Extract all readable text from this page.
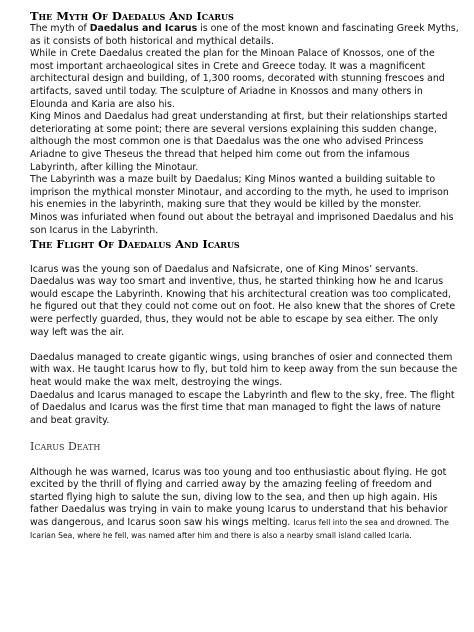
The Myth Of Daedalus And Icarus

The myth of Daedalus and Icarus is one of the most known and fascinating Greek Myths, as it consists of both historical and mythical details.

While in Crete Daedalus created the plan for the Minoan Palace of Knossos, one of the most important archaeological sites in Crete and Greece today. It was a magnificent architectural design and building, of 1,300 rooms, decorated with stunning frescoes and artifacts, saved until today. The sculpture of Ariadne in Knossos and many others in Elounda and Karia are also his.

King Minos and Daedalus had great understanding at first, but their relationships started deteriorating at some point; there are several versions explaining this sudden change, although the most common one is that Daedalus was the one who advised Princess Ariadne to give Theseus the thread that helped him come out from the infamous Labyrinth, after killing the Minotaur.

The Labyrinth was a maze built by Daedalus; King Minos wanted a building suitable to imprison the mythical monster Minotaur, and according to the myth, he used to imprison his enemies in the labyrinth, making sure that they would be killed by the monster.

Minos was infuriated when found out about the betrayal and imprisoned Daedalus and his son Icarus in the Labyrinth.

The Flight Of Daedalus And Icarus

Icarus was the young son of Daedalus and Nafsicrate, one of King Minos’ servants. Daedalus was way too smart and inventive, thus, he started thinking how he and Icarus would escape the Labyrinth. Knowing that his architectural creation was too complicated, he figured out that they could not come out on foot. He also knew that the shores of Crete were perfectly guarded, thus, they would not be able to escape by sea either. The only way left was the air.

Daedalus managed to create gigantic wings, using branches of osier and connected them with wax. He taught Icarus how to fly, but told him to keep away from the sun because the heat would make the wax melt, destroying the wings.

Daedalus and Icarus managed to escape the Labyrinth and flew to the sky, free. The flight of Daedalus and Icarus was the first time that man managed to fight the laws of nature and beat gravity.

Icarus Death

Although he was warned, Icarus was too young and too enthusiastic about flying. He got excited by the thrill of flying and carried away by the amazing feeling of freedom and started flying high to salute the sun, diving low to the sea, and then up high again. His father Daedalus was trying in vain to make young Icarus to understand that his behavior was dangerous, and Icarus soon saw his wings melting. Icarus fell into the sea and drowned. The Icarian Sea, where he fell, was named after him and there is also a nearby small island called Icaria.
